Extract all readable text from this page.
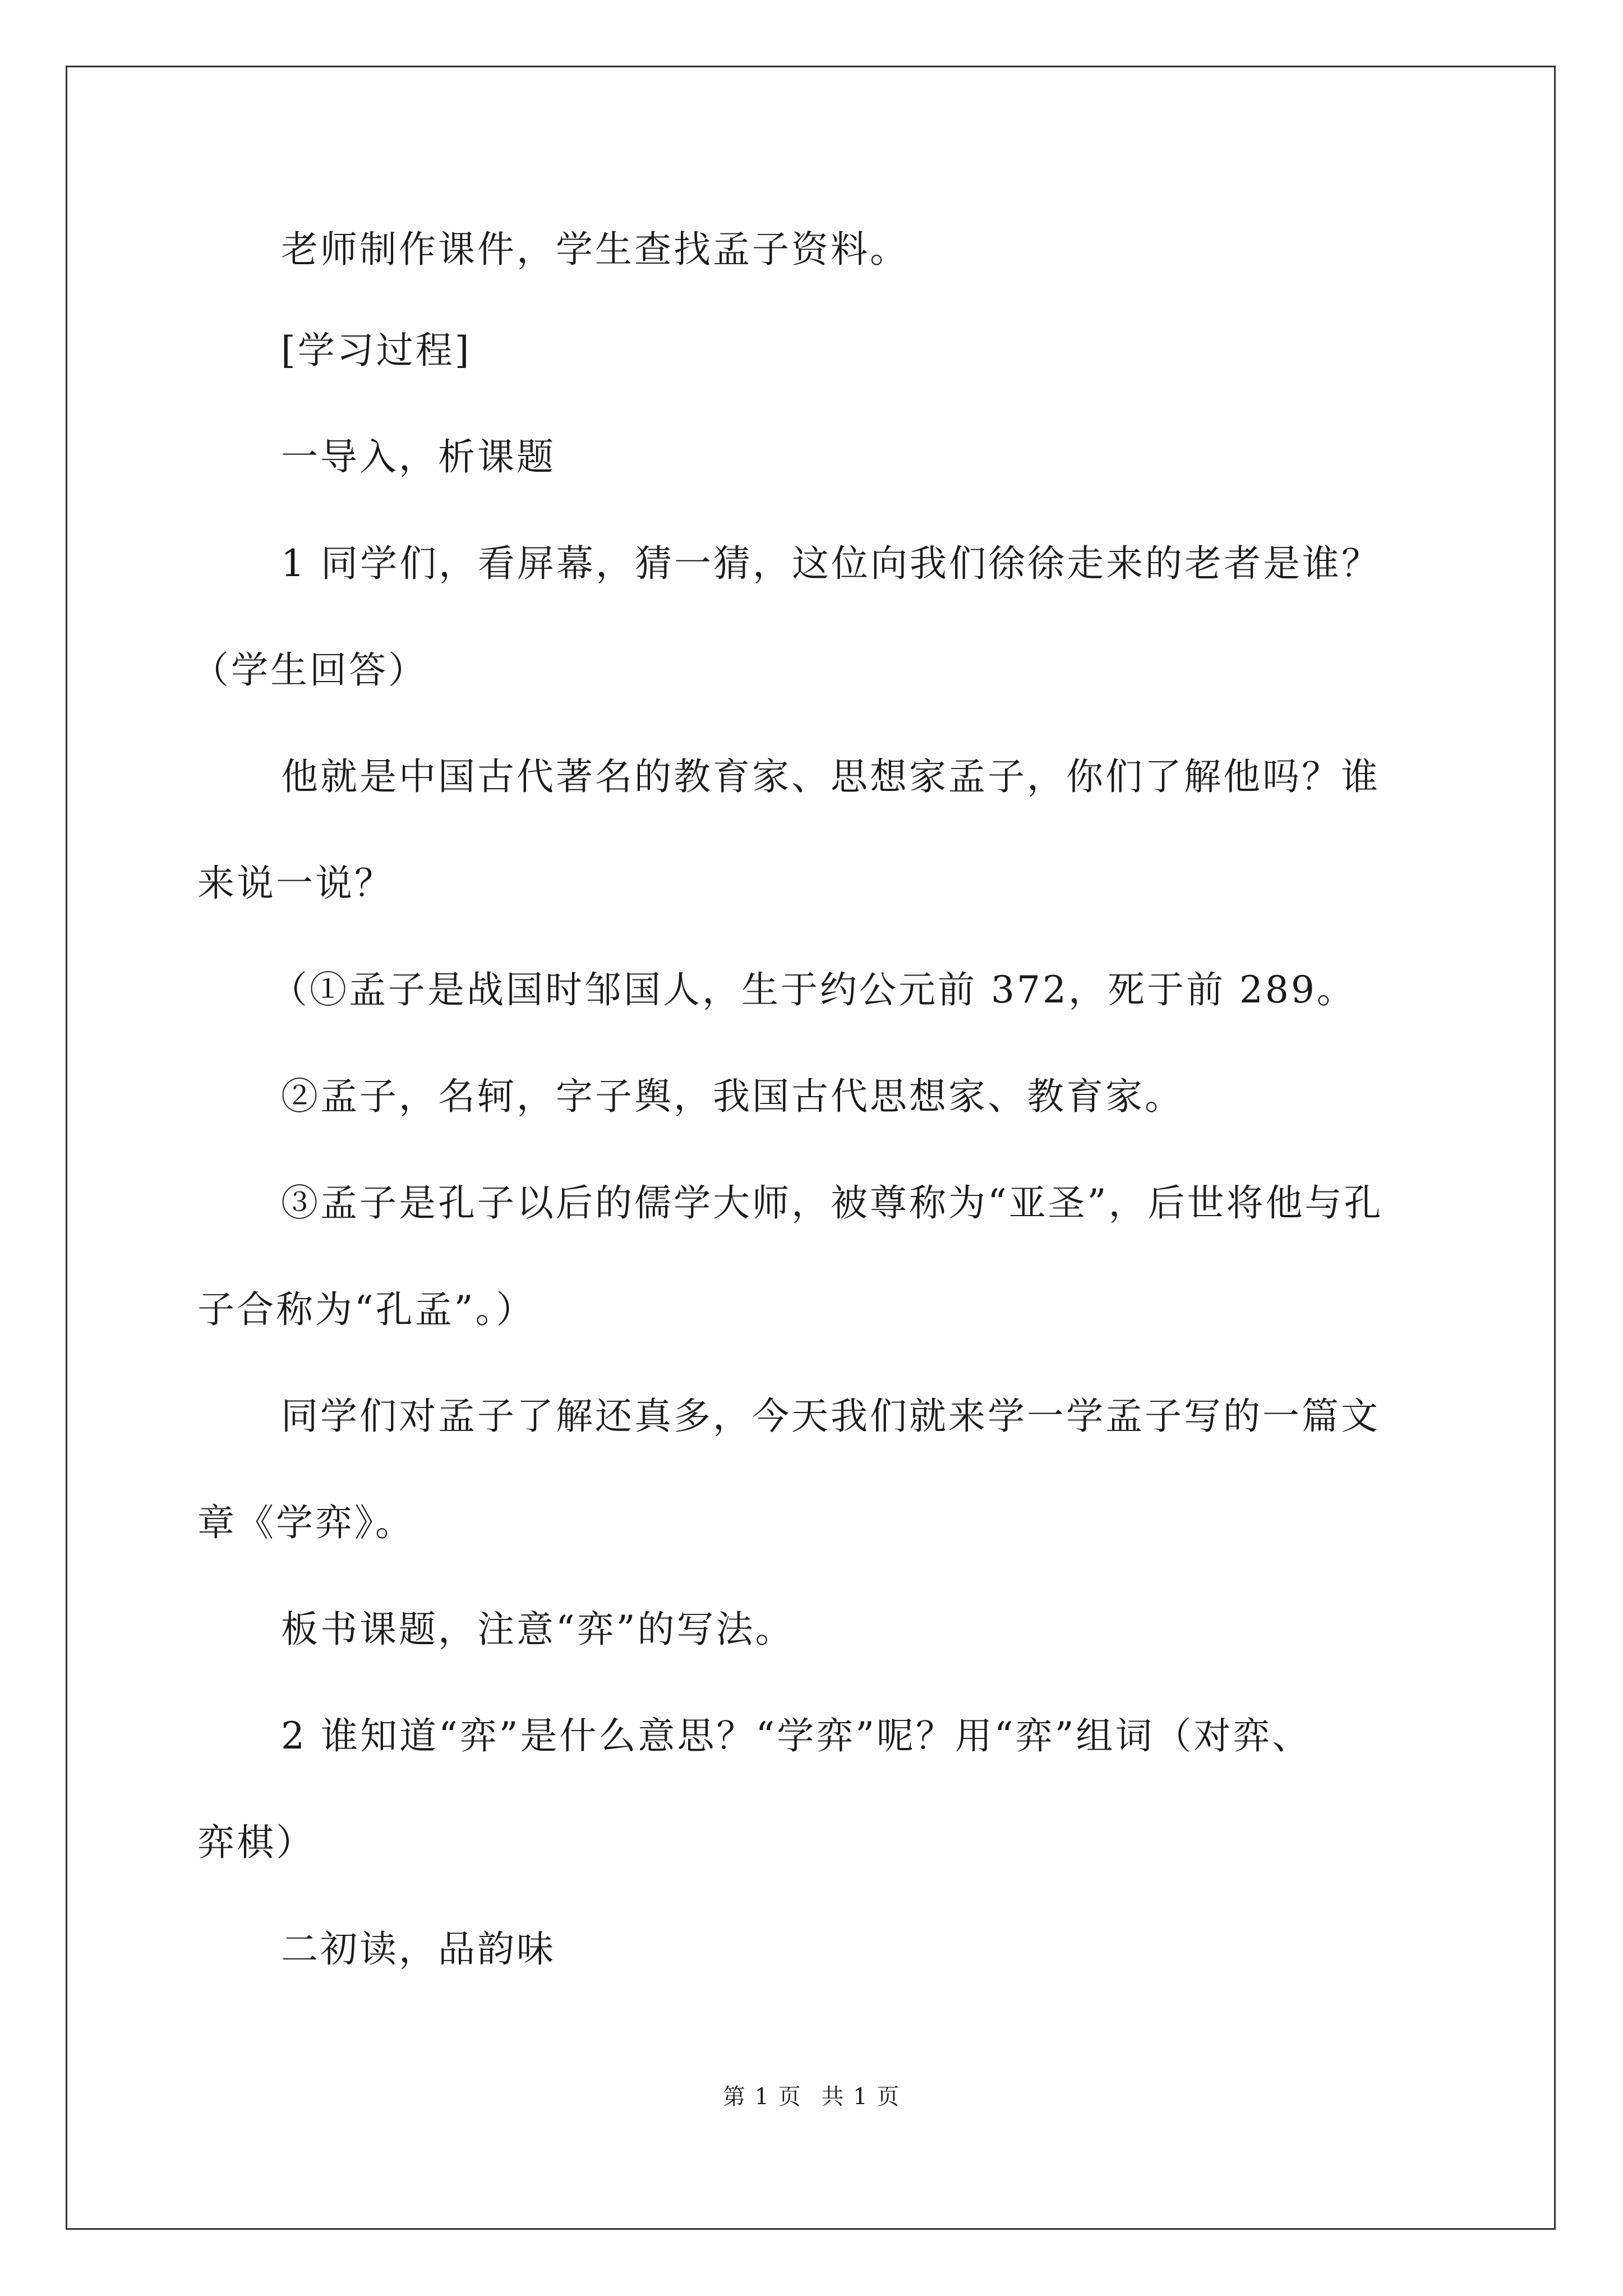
老师制作课件，学生查找孟子资料。
[学习过程]
一导入，析课题
1 同学们，看屏幕，猜一猜，这位向我们徐徐走来的老者是谁？
（学生回答）
他就是中国古代著名的教育家、思想家孟子，你们了解他吗？谁
来说一说？
（①孟子是战国时邹国人，生于约公元前 372，死于前 289。
②孟子，名轲，字子舆，我国古代思想家、教育家。
③孟子是孔子以后的儒学大师，被尊称为“亚圣”，后世将他与孔
子合称为“孔孟”。）
同学们对孟子了解还真多，今天我们就来学一学孟子写的一篇文
章《学弈》。
板书课题，注意“弈”的写法。
2 谁知道“弈”是什么意思？“学弈”呢？用“弈”组词（对弈、
弈棋）
二初读，品韵味
第 1 页 共 1 页
